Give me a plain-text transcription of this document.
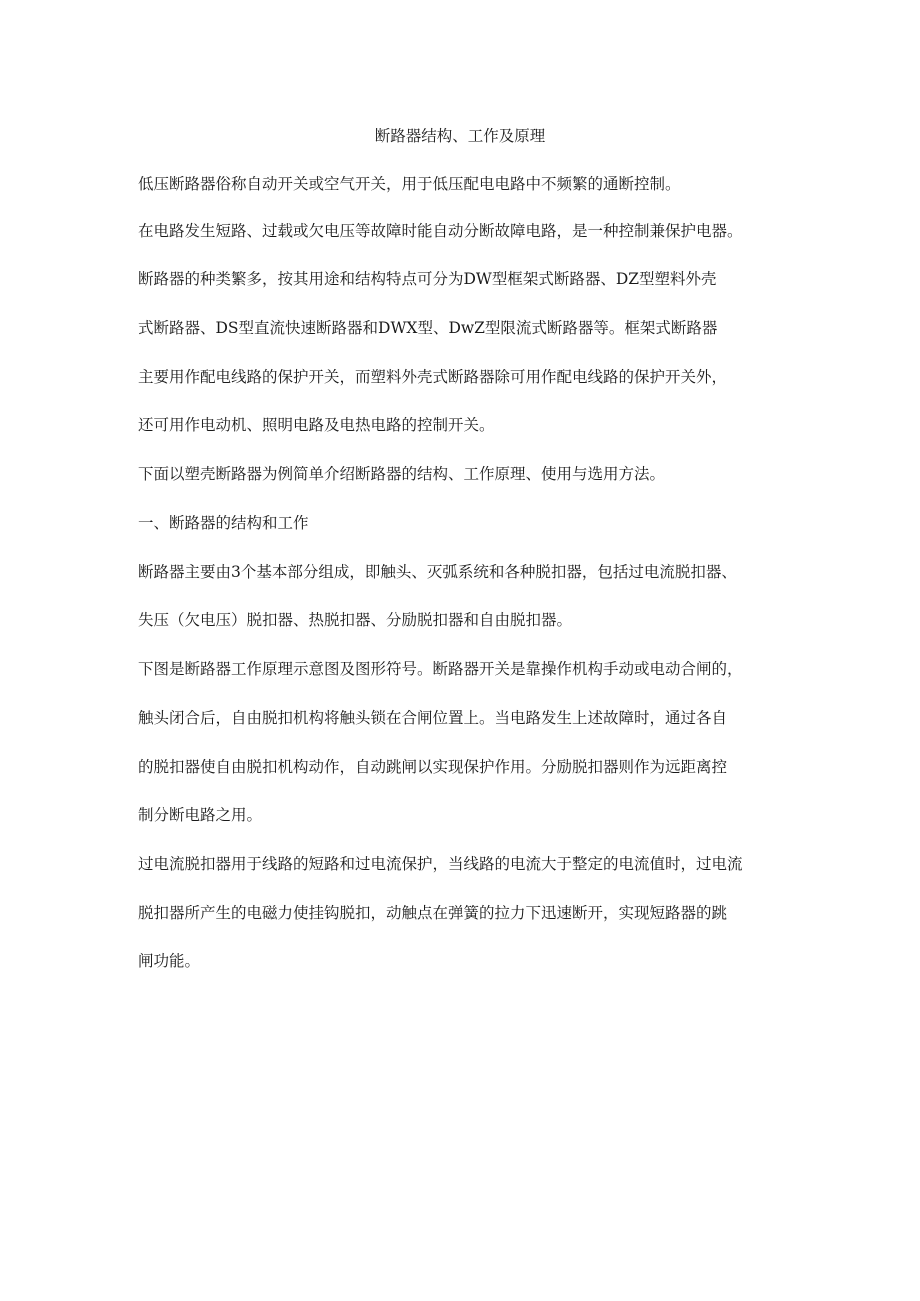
断路器结构、工作及原理
低压断路器俗称自动开关或空气开关，用于低压配电电路中不频繁的通断控制。
在电路发生短路、过载或欠电压等故障时能自动分断故障电路，是一种控制兼保护电器。
断路器的种类繁多，按其用途和结构特点可分为DW型框架式断路器、DZ型塑料外壳
式断路器、DS型直流快速断路器和DWX型、DwZ型限流式断路器等。框架式断路器
主要用作配电线路的保护开关，而塑料外壳式断路器除可用作配电线路的保护开关外，
还可用作电动机、照明电路及电热电路的控制开关。
下面以塑壳断路器为例简单介绍断路器的结构、工作原理、使用与选用方法。
一、断路器的结构和工作
断路器主要由3个基本部分组成，即触头、灭弧系统和各种脱扣器，包括过电流脱扣器、
失压（欠电压）脱扣器、热脱扣器、分励脱扣器和自由脱扣器。
下图是断路器工作原理示意图及图形符号。断路器开关是靠操作机构手动或电动合闸的，
触头闭合后，自由脱扣机构将触头锁在合闸位置上。当电路发生上述故障时，通过各自
的脱扣器使自由脱扣机构动作，自动跳闸以实现保护作用。分励脱扣器则作为远距离控
制分断电路之用。
过电流脱扣器用于线路的短路和过电流保护，当线路的电流大于整定的电流值时，过电流
脱扣器所产生的电磁力使挂钩脱扣，动触点在弹簧的拉力下迅速断开，实现短路器的跳
闸功能。
